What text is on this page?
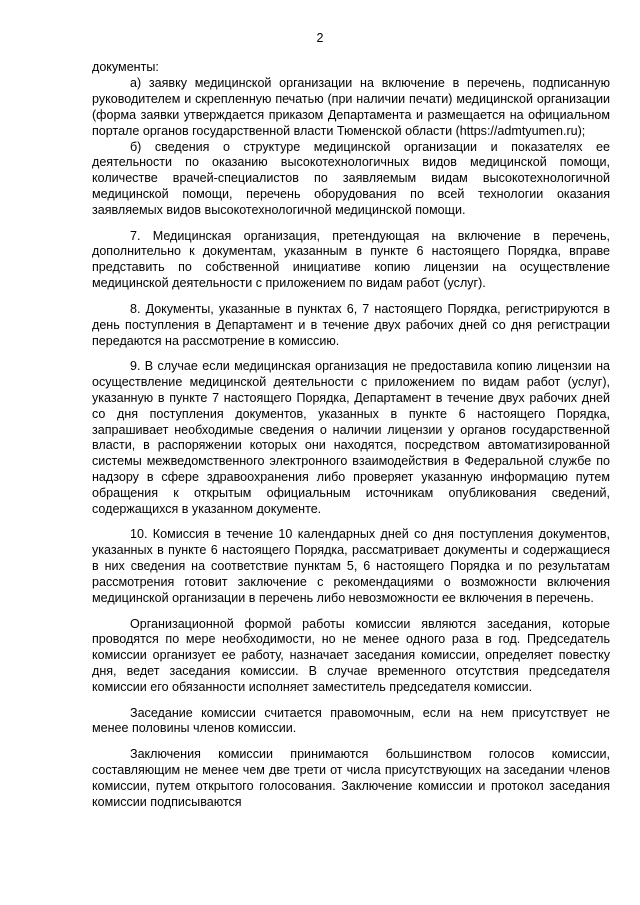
2

документы:

а) заявку медицинской организации на включение в перечень, подписанную руководителем и скрепленную печатью (при наличии печати) медицинской организации (форма заявки утверждается приказом Департамента и размещается на официальном портале органов государственной власти Тюменской области (https://admtyumen.ru);

б) сведения о структуре медицинской организации и показателях ее деятельности по оказанию высокотехнологичных видов медицинской помощи, количестве врачей-специалистов по заявляемым видам высокотехнологичной медицинской помощи, перечень оборудования по всей технологии оказания заявляемых видов высокотехнологичной медицинской помощи.

7. Медицинская организация, претендующая на включение в перечень, дополнительно к документам, указанным в пункте 6 настоящего Порядка, вправе представить по собственной инициативе копию лицензии на осуществление медицинской деятельности с приложением по видам работ (услуг).

8. Документы, указанные в пунктах 6, 7 настоящего Порядка, регистрируются в день поступления в Департамент и в течение двух рабочих дней со дня регистрации передаются на рассмотрение в комиссию.

9. В случае если медицинская организация не предоставила копию лицензии на осуществление медицинской деятельности с приложением по видам работ (услуг), указанную в пункте 7 настоящего Порядка, Департамент в течение двух рабочих дней со дня поступления документов, указанных в пункте 6 настоящего Порядка, запрашивает необходимые сведения о наличии лицензии у органов государственной власти, в распоряжении которых они находятся, посредством автоматизированной системы межведомственного электронного взаимодействия в Федеральной службе по надзору в сфере здравоохранения либо проверяет указанную информацию путем обращения к открытым официальным источникам опубликования сведений, содержащихся в указанном документе.

10. Комиссия в течение 10 календарных дней со дня поступления документов, указанных в пункте 6 настоящего Порядка, рассматривает документы и содержащиеся в них сведения на соответствие пунктам 5, 6 настоящего Порядка и по результатам рассмотрения готовит заключение с рекомендациями о возможности включения медицинской организации в перечень либо невозможности ее включения в перечень.

Организационной формой работы комиссии являются заседания, которые проводятся по мере необходимости, но не менее одного раза в год. Председатель комиссии организует ее работу, назначает заседания комиссии, определяет повестку дня, ведет заседания комиссии. В случае временного отсутствия председателя комиссии его обязанности исполняет заместитель председателя комиссии.

Заседание комиссии считается правомочным, если на нем присутствует не менее половины членов комиссии.

Заключения комиссии принимаются большинством голосов комиссии, составляющим не менее чем две трети от числа присутствующих на заседании членов комиссии, путем открытого голосования. Заключение комиссии и протокол заседания комиссии подписываются
